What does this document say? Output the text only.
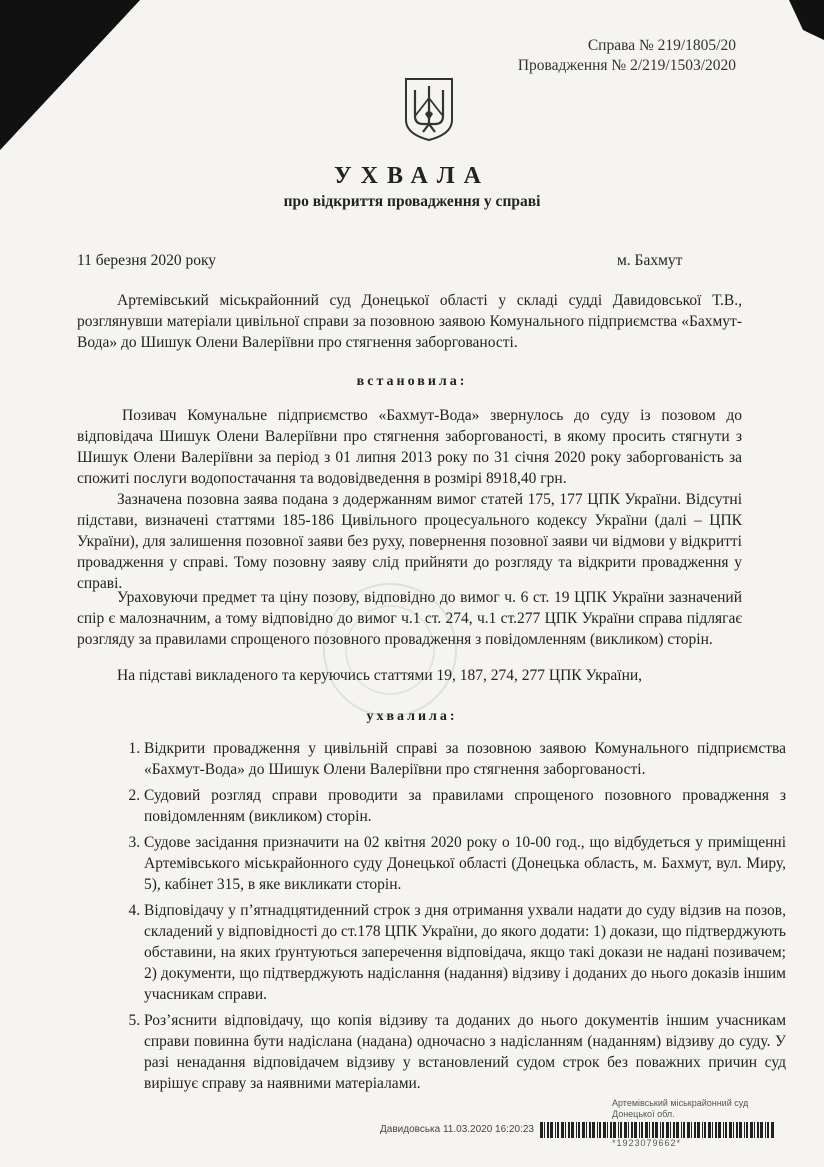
Справа № 219/1805/20
Провадження № 2/219/1503/2020
УХВАЛА
про відкриття провадження у справі
11 березня 2020 року	м. Бахмут
Артемівський міськрайонний суд Донецької області у складі судді Давидовської Т.В., розглянувши матеріали цивільної справи за позовною заявою Комунального підприємства «Бахмут-Вода» до Шишук Олени Валеріївни про стягнення заборгованості.
встановила:
Позивач Комунальне підприємство «Бахмут-Вода» звернулось до суду із позовом до відповідача Шишук Олени Валеріївни про стягнення заборгованості, в якому просить стягнути з Шишук Олени Валеріївни за період з 01 липня 2013 року по 31 січня 2020 року заборгованість за спожиті послуги водопостачання та водовідведення в розмірі 8918,40 грн.
Зазначена позовна заява подана з додержанням вимог статей 175, 177 ЦПК України. Відсутні підстави, визначені статтями 185-186 Цивільного процесуального кодексу України (далі – ЦПК України), для залишення позовної заяви без руху, повернення позовної заяви чи відмови у відкритті провадження у справі. Тому позовну заяву слід прийняти до розгляду та відкрити провадження у справі.
Ураховуючи предмет та ціну позову, відповідно до вимог ч. 6 ст. 19 ЦПК України зазначений спір є малозначним, а тому відповідно до вимог ч.1 ст. 274, ч.1 ст.277 ЦПК України справа підлягає розгляду за правилами спрощеного позовного провадження з повідомленням (викликом) сторін.
На підставі викладеного та керуючись статтями 19, 187, 274, 277 ЦПК України,
ухвалила:
1. Відкрити провадження у цивільній справі за позовною заявою Комунального підприємства «Бахмут-Вода» до Шишук Олени Валеріївни про стягнення заборгованості.
2. Судовий розгляд справи проводити за правилами спрощеного позовного провадження з повідомленням (викликом) сторін.
3. Судове засідання призначити на 02 квітня 2020 року о 10-00 год., що відбудеться у приміщенні Артемівського міськрайонного суду Донецької області (Донецька область, м. Бахмут, вул. Миру, 5), кабінет 315, в яке викликати сторін.
4. Відповідачу у п’ятнадцятиденний строк з дня отримання ухвали надати до суду відзив на позов, складений у відповідності до ст.178 ЦПК України, до якого додати: 1) докази, що підтверджують обставини, на яких ґрунтуються заперечення відповідача, якщо такі докази не надані позивачем; 2) документи, що підтверджують надіслання (надання) відзиву і доданих до нього доказів іншим учасникам справи.
5. Роз’яснити відповідачу, що копія відзиву та доданих до нього документів іншим учасникам справи повинна бути надіслана (надана) одночасно з надісланням (наданням) відзиву до суду. У разі ненадання відповідачем відзиву у встановлений судом строк без поважних причин суд вирішує справу за наявними матеріалами.
Артемівський міськрайонний суд
Донецької обл.
Давидовська 11.03.2020 16:20:23
*1923079662*
